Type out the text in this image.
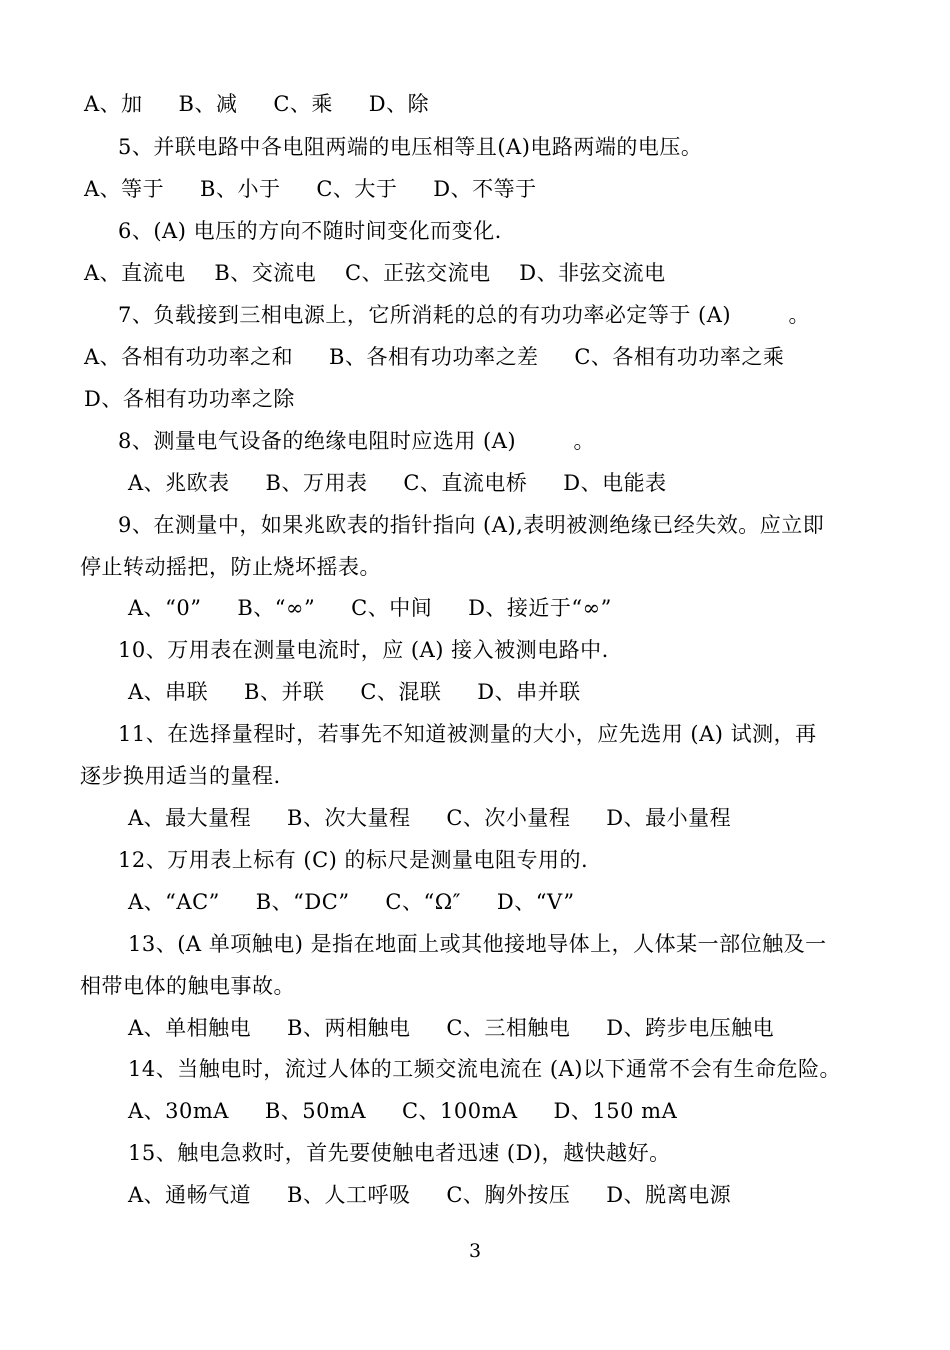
A、加     B、减     C、乘     D、除
5、并联电路中各电阻两端的电压相等且(A)电路两端的电压。
A、等于     B、小于     C、大于     D、不等于
6、(A) 电压的方向不随时间变化而变化.
A、直流电    B、交流电    C、正弦交流电    D、非弦交流电
7、负载接到三相电源上，它所消耗的总的有功功率必定等于 (A)        。
A、各相有功功率之和     B、各相有功功率之差     C、各相有功功率之乘
D、各相有功功率之除
8、测量电气设备的绝缘电阻时应选用 (A)        。
A、兆欧表     B、万用表     C、直流电桥     D、电能表
9、在测量中，如果兆欧表的指针指向 (A),表明被测绝缘已经失效。应立即
停止转动摇把，防止烧坏摇表。
A、“0”     B、“∞”     C、中间     D、接近于“∞”
10、万用表在测量电流时，应 (A) 接入被测电路中.
A、串联     B、并联     C、混联     D、串并联
11、在选择量程时，若事先不知道被测量的大小，应先选用 (A) 试测，再
逐步换用适当的量程.
A、最大量程     B、次大量程     C、次小量程     D、最小量程
12、万用表上标有 (C) 的标尺是测量电阻专用的.
A、“AC”     B、“DC”     C、“Ω″     D、“V”
13、(A 单项触电) 是指在地面上或其他接地导体上，人体某一部位触及一
相带电体的触电事故。
A、单相触电     B、两相触电     C、三相触电     D、跨步电压触电
14、当触电时，流过人体的工频交流电流在 (A)以下通常不会有生命危险。
A、30mA     B、50mA     C、100mA     D、150 mA
15、触电急救时，首先要使触电者迅速 (D)，越快越好。
A、通畅气道     B、人工呼吸     C、胸外按压     D、脱离电源
3
